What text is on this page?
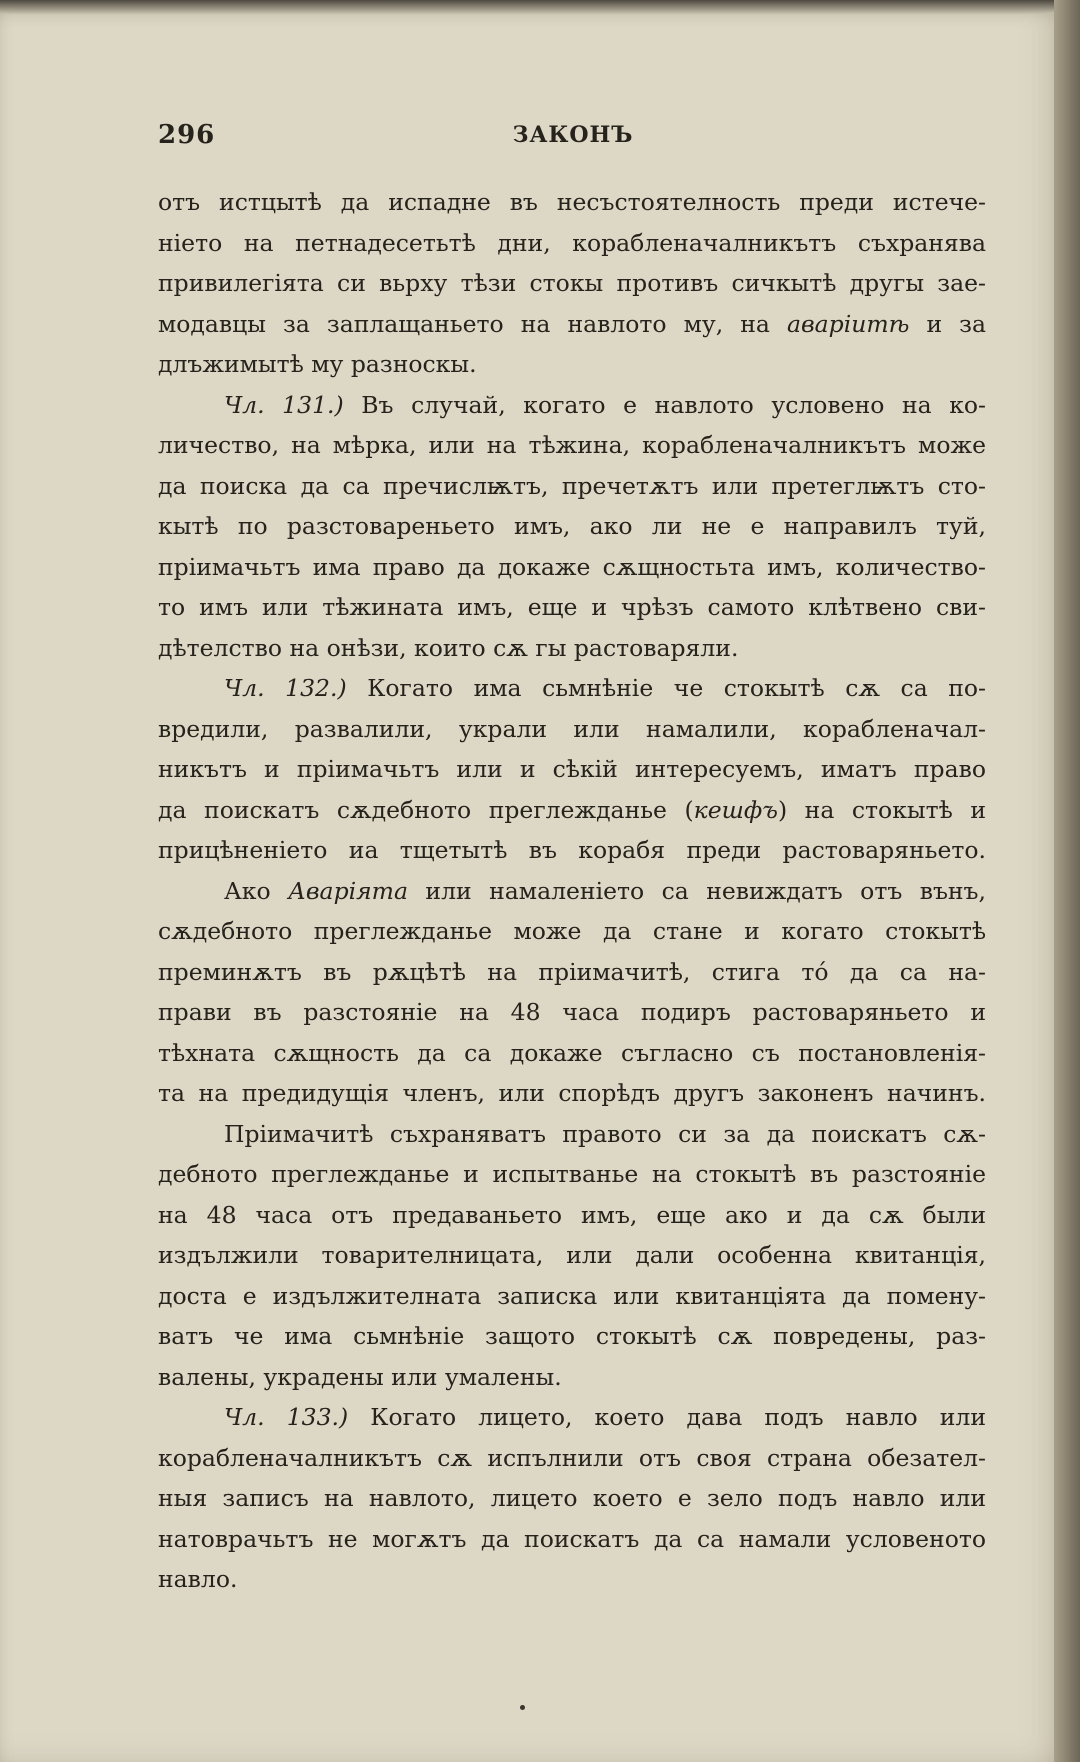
296	ЗАКОНЪ
отъ истцытѣ да испадне въ несъстоятелность преди истече-
ніето на петнадесетьтѣ дни, корабленачалникътъ съхранява
привилегіята си вьрху тѣзи стокы противъ сичкытѣ другы зае-
модавцы за заплащаньето на навлото му, на аваріитѣ и за
длъжимытѣ му разноскы.
Чл. 131.) Въ случай, когато е навлото условено на ко-
личество, на мѣрка, или на тѣжина, корабленачалникътъ може
да поиска да са пречислѭтъ, пречетѫтъ или претеглѭтъ сто-
кытѣ по разстовареньето имъ, ако ли не е направилъ туй,
пріимачьтъ има право да докаже сѫщностьта имъ, количество-
то имъ или тѣжината имъ, еще и чрѣзъ самото клѣтвено сви-
дѣтелство на онѣзи, които сѫ гы растоваряли.
Чл. 132.) Когато има сьмнѣніе че стокытѣ сѫ са по-
вредили, развалили, украли или намалили, корабленачал-
никътъ и пріимачьтъ или и сѣкій интересуемъ, иматъ право
да поискатъ сѫдебното преглежданье (кешфъ) на стокытѣ и
прицѣненіето иа тщетытѣ въ корабя преди растоваряньето.
Ако Аваріята или намаленіето са невиждатъ отъ вънъ,
сѫдебното преглежданье може да стане и когато стокытѣ
преминѫтъ въ рѫцѣтѣ на пріимачитѣ, стига то́ да са на-
прави въ разстояніе на 48 часа подиръ растоваряньето и
тѣхната сѫщность да са докаже съгласно съ постановленія-
та на предидущія членъ, или спорѣдъ другъ законенъ начинъ.
Пріимачитѣ съхраняватъ правото си за да поискатъ сѫ-
дебното преглежданье и испытванье на стокытѣ въ разстояніе
на 48 часа отъ предаваньето имъ, еще ако и да сѫ были
издължили товарителницата, или дали особенна квитанція,
доста е издължителната записка или квитанціята да помену-
ватъ че има сьмнѣніе защото стокытѣ сѫ повредены, раз-
валены, украдены или умалены.
Чл. 133.) Когато лицето, което дава подъ навло или
корабленачалникътъ сѫ испълнили отъ своя страна обезател-
ныя записъ на навлото, лицето което е зело подъ навло или
натоврачьтъ не могѫтъ да поискатъ да са намали условеното
навло.
